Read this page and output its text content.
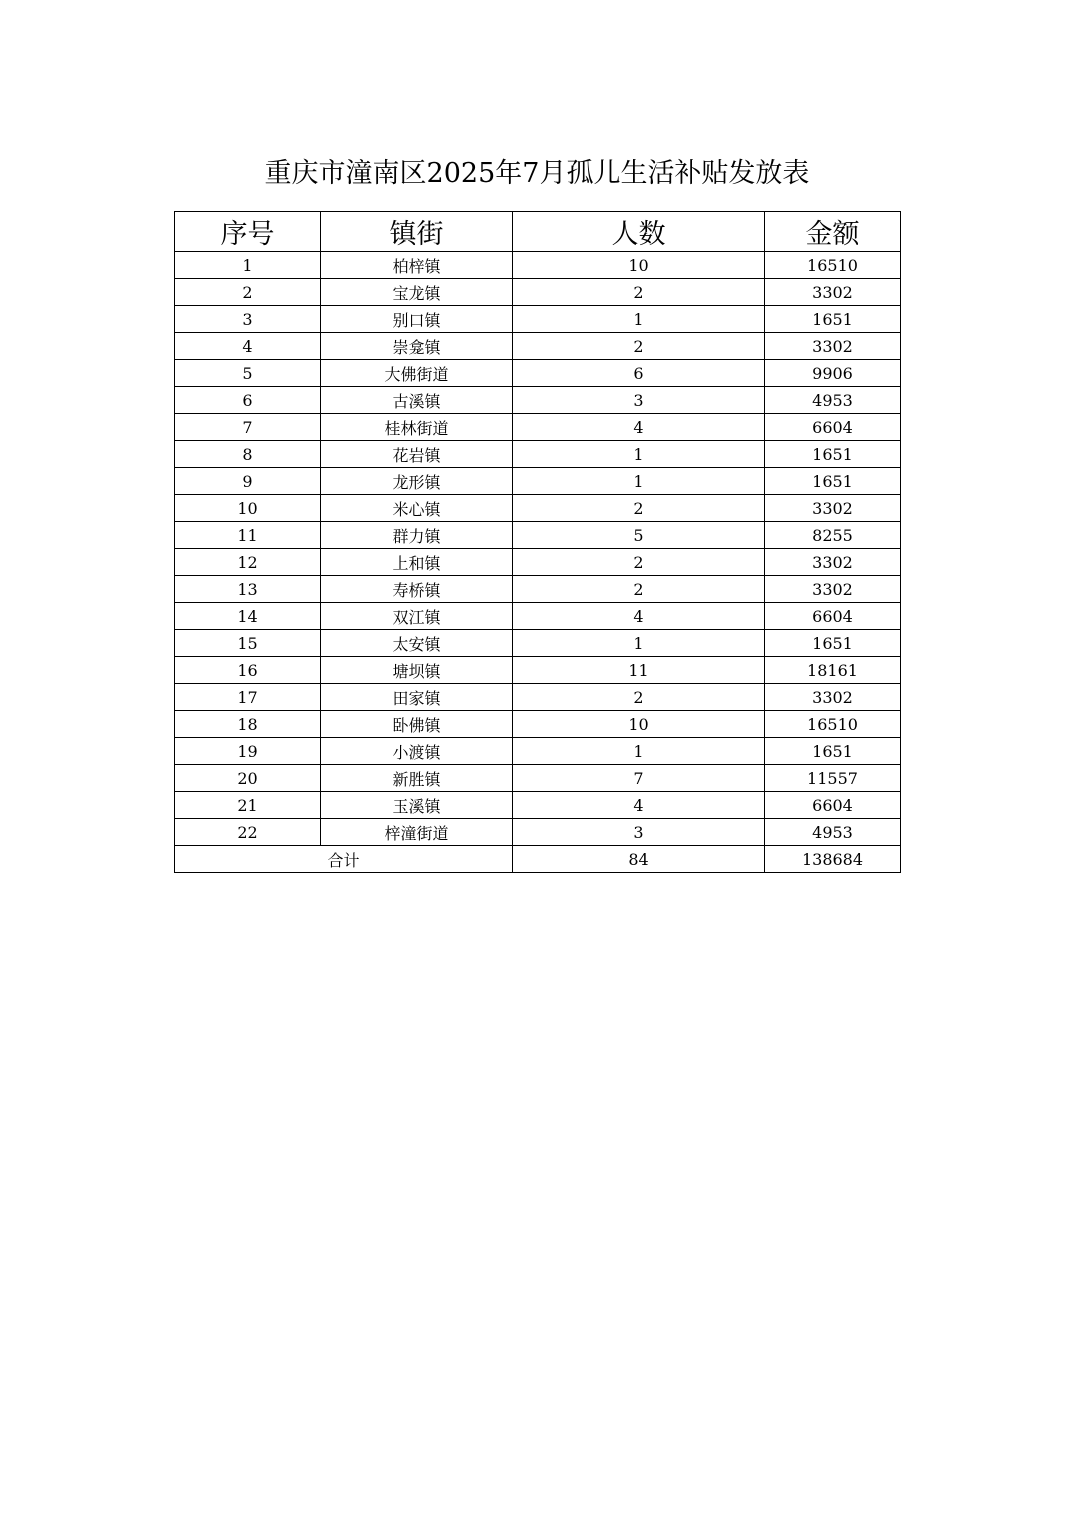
重庆市潼南区2025年7月孤儿生活补贴发放表
序号	镇街	人数	金额
1	柏梓镇	10	16510
2	宝龙镇	2	3302
3	别口镇	1	1651
4	崇龛镇	2	3302
5	大佛街道	6	9906
6	古溪镇	3	4953
7	桂林街道	4	6604
8	花岩镇	1	1651
9	龙形镇	1	1651
10	米心镇	2	3302
11	群力镇	5	8255
12	上和镇	2	3302
13	寿桥镇	2	3302
14	双江镇	4	6604
15	太安镇	1	1651
16	塘坝镇	11	18161
17	田家镇	2	3302
18	卧佛镇	10	16510
19	小渡镇	1	1651
20	新胜镇	7	11557
21	玉溪镇	4	6604
22	梓潼街道	3	4953
合计		84	138684
